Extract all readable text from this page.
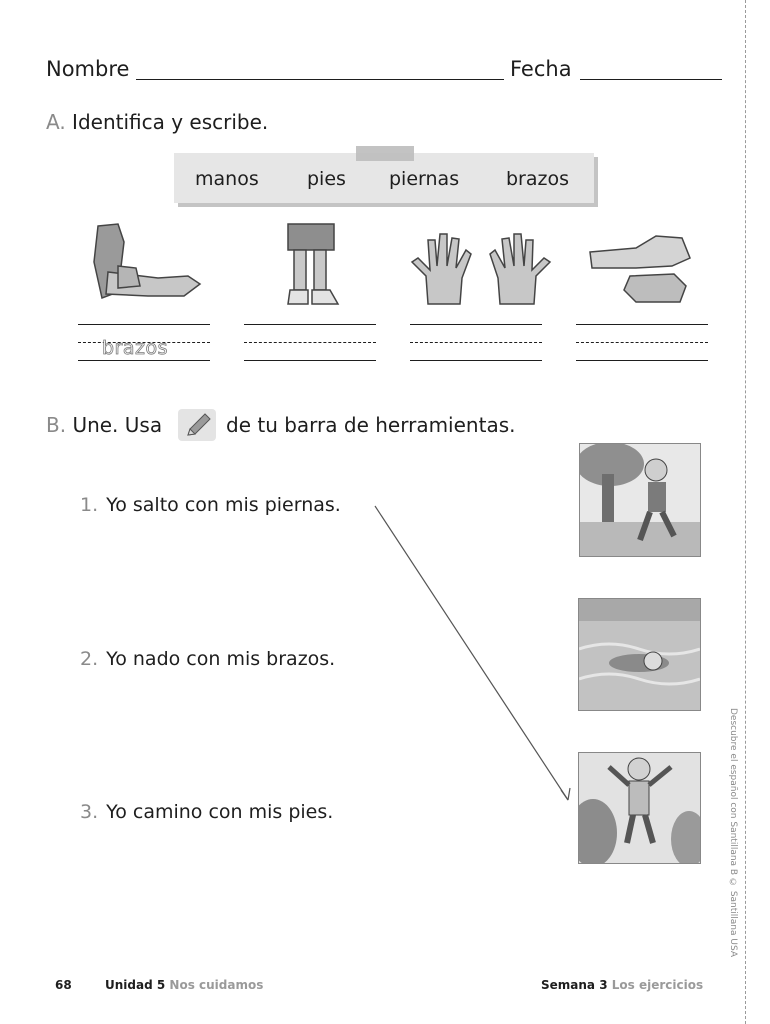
Nombre	Fecha
A. Identifica y escribe.
manos	pies piernas brazos
brazos
B. Une. Usa	de tu barra de herramientas.
1. Yo salto con mis piernas.
2. Yo nado con mis brazos.
3. Yo camino con mis pies.	Descubre el español con Santillana B © Santillana USA
68	Unidad 5 Nos cuidamos	Semana 3 Los ejercicios
